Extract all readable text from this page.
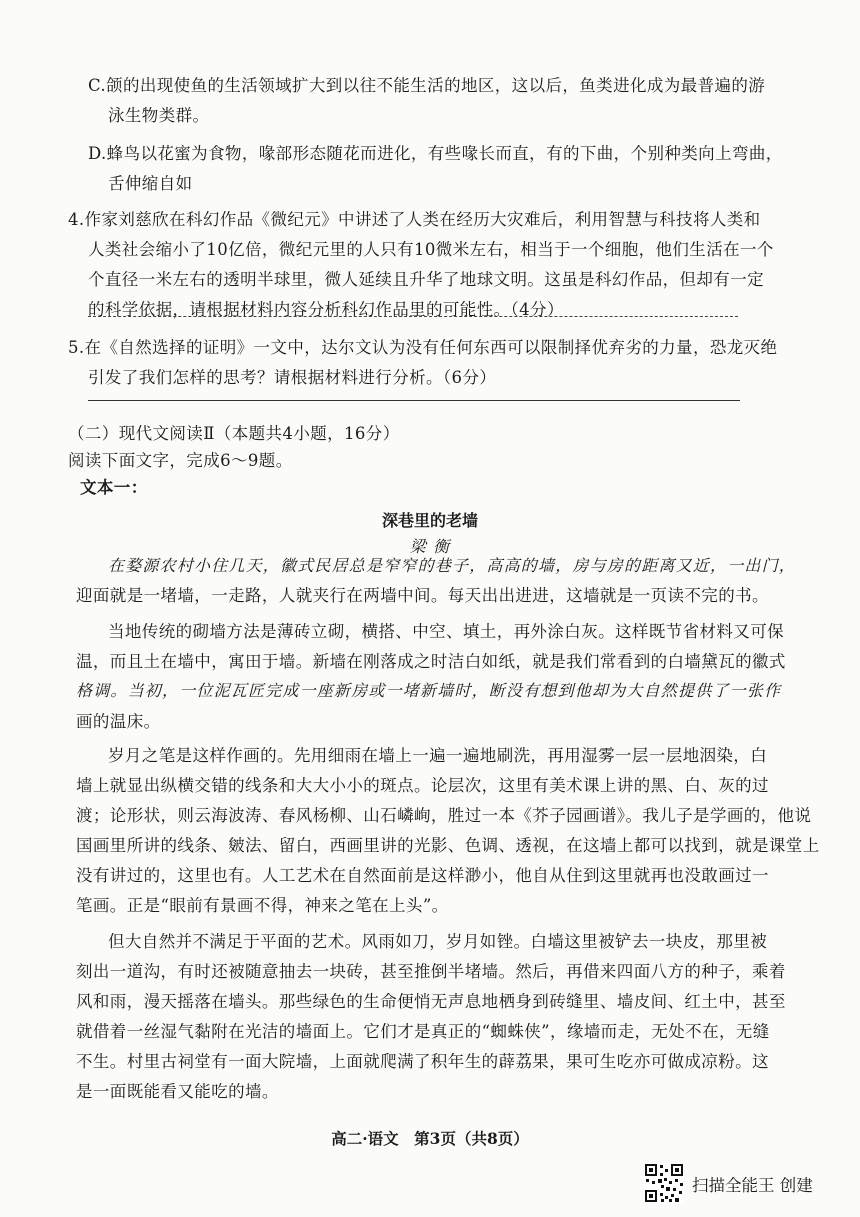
C.颌的出现使鱼的生活领域扩大到以往不能生活的地区，这以后，鱼类进化成为最普遍的游
泳生物类群。
D.蜂鸟以花蜜为食物，喙部形态随花而进化，有些喙长而直，有的下曲，个别种类向上弯曲，
舌伸缩自如
4.作家刘慈欣在科幻作品《微纪元》中讲述了人类在经历大灾难后，利用智慧与科技将人类和
人类社会缩小了10亿倍，微纪元里的人只有10微米左右，相当于一个细胞，他们生活在一个
个直径一米左右的透明半球里，微人延续且升华了地球文明。这虽是科幻作品，但却有一定
的科学依据，请根据材料内容分析科幻作品里的可能性。（4分）
5.在《自然选择的证明》一文中，达尔文认为没有任何东西可以限制择优弃劣的力量，恐龙灭绝
引发了我们怎样的思考？请根据材料进行分析。（6分）
（二）现代文阅读Ⅱ（本题共4小题，16分）
阅读下面文字，完成6～9题。
文本一：
深巷里的老墙
梁 衡
在婺源农村小住几天，徽式民居总是窄窄的巷子，高高的墙，房与房的距离又近，一出门，
迎面就是一堵墙，一走路，人就夹行在两墙中间。每天出出进进，这墙就是一页读不完的书。
当地传统的砌墙方法是薄砖立砌，横搭、中空、填土，再外涂白灰。这样既节省材料又可保
温，而且土在墙中，寓田于墙。新墙在刚落成之时洁白如纸，就是我们常看到的白墙黛瓦的徽式
格调。当初，一位泥瓦匠完成一座新房或一堵新墙时，断没有想到他却为大自然提供了一张作
画的温床。
岁月之笔是这样作画的。先用细雨在墙上一遍一遍地刷洗，再用湿雾一层一层地洇染，白
墙上就显出纵横交错的线条和大大小小的斑点。论层次，这里有美术课上讲的黑、白、灰的过
渡；论形状，则云海波涛、春风杨柳、山石嶙峋，胜过一本《芥子园画谱》。我儿子是学画的，他说
国画里所讲的线条、皴法、留白，西画里讲的光影、色调、透视，在这墙上都可以找到，就是课堂上
没有讲过的，这里也有。人工艺术在自然面前是这样渺小，他自从住到这里就再也没敢画过一
笔画。正是“眼前有景画不得，神来之笔在上头”。
但大自然并不满足于平面的艺术。风雨如刀，岁月如锉。白墙这里被铲去一块皮，那里被
刻出一道沟，有时还被随意抽去一块砖，甚至推倒半堵墙。然后，再借来四面八方的种子，乘着
风和雨，漫天摇落在墙头。那些绿色的生命便悄无声息地栖身到砖缝里、墙皮间、红土中，甚至
就借着一丝湿气黏附在光洁的墙面上。它们才是真正的“蜘蛛侠”，缘墙而走，无处不在，无缝
不生。村里古祠堂有一面大院墙，上面就爬满了积年生的薜荔果，果可生吃亦可做成凉粉。这
是一面既能看又能吃的墙。
高二·语文　第3页（共8页）
扫描全能王 创建
